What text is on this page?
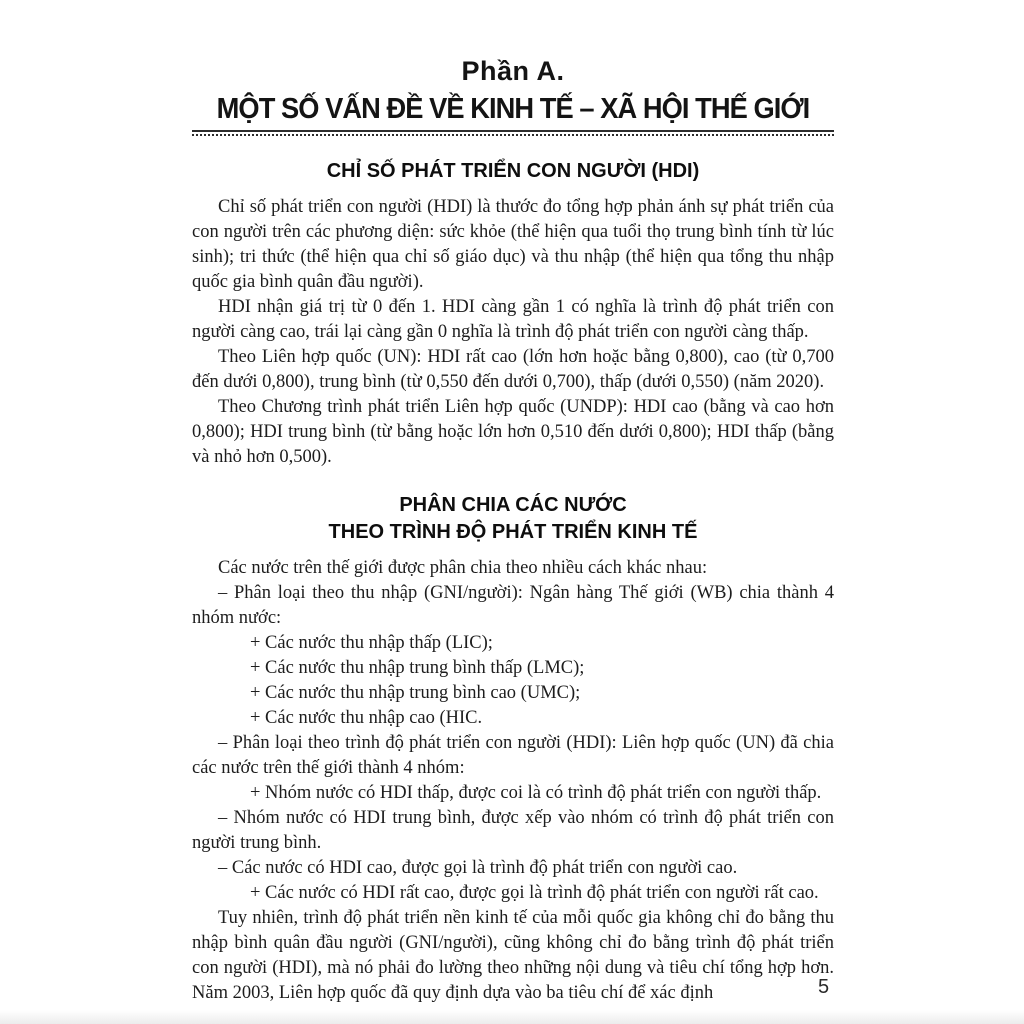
Phần A.
MỘT SỐ VẤN ĐỀ VỀ KINH TẾ – XÃ HỘI THẾ GIỚI
CHỈ SỐ PHÁT TRIỂN CON NGƯỜI (HDI)

Chỉ số phát triển con người (HDI) là thước đo tổng hợp phản ánh sự phát triển của con người trên các phương diện: sức khỏe (thể hiện qua tuổi thọ trung bình tính từ lúc sinh); tri thức (thể hiện qua chỉ số giáo dục) và thu nhập (thể hiện qua tổng thu nhập quốc gia bình quân đầu người).

HDI nhận giá trị từ 0 đến 1. HDI càng gần 1 có nghĩa là trình độ phát triển con người càng cao, trái lại càng gần 0 nghĩa là trình độ phát triển con người càng thấp.

Theo Liên hợp quốc (UN): HDI rất cao (lớn hơn hoặc bằng 0,800), cao (từ 0,700 đến dưới 0,800), trung bình (từ 0,550 đến dưới 0,700), thấp (dưới 0,550) (năm 2020).

Theo Chương trình phát triển Liên hợp quốc (UNDP): HDI cao (bằng và cao hơn 0,800); HDI trung bình (từ bằng hoặc lớn hơn 0,510 đến dưới 0,800); HDI thấp (bằng và nhỏ hơn 0,500).

PHÂN CHIA CÁC NƯỚC
THEO TRÌNH ĐỘ PHÁT TRIỂN KINH TẾ

Các nước trên thế giới được phân chia theo nhiều cách khác nhau:

– Phân loại theo thu nhập (GNI/người): Ngân hàng Thế giới (WB) chia thành 4 nhóm nước:

+ Các nước thu nhập thấp (LIC);

+ Các nước thu nhập trung bình thấp (LMC);

+ Các nước thu nhập trung bình cao (UMC);

+ Các nước thu nhập cao (HIC.

– Phân loại theo trình độ phát triển con người (HDI): Liên hợp quốc (UN) đã chia các nước trên thế giới thành 4 nhóm:

+ Nhóm nước có HDI thấp, được coi là có trình độ phát triển con người thấp.

– Nhóm nước có HDI trung bình, được xếp vào nhóm có trình độ phát triển con người trung bình.

– Các nước có HDI cao, được gọi là trình độ phát triển con người cao.

+ Các nước có HDI rất cao, được gọi là trình độ phát triển con người rất cao.

Tuy nhiên, trình độ phát triển nền kinh tế của mỗi quốc gia không chỉ đo bằng thu nhập bình quân đầu người (GNI/người), cũng không chỉ đo bằng trình độ phát triển con người (HDI), mà nó phải đo lường theo những nội dung và tiêu chí tổng hợp hơn. Năm 2003, Liên hợp quốc đã quy định dựa vào ba tiêu chí để xác định	5
